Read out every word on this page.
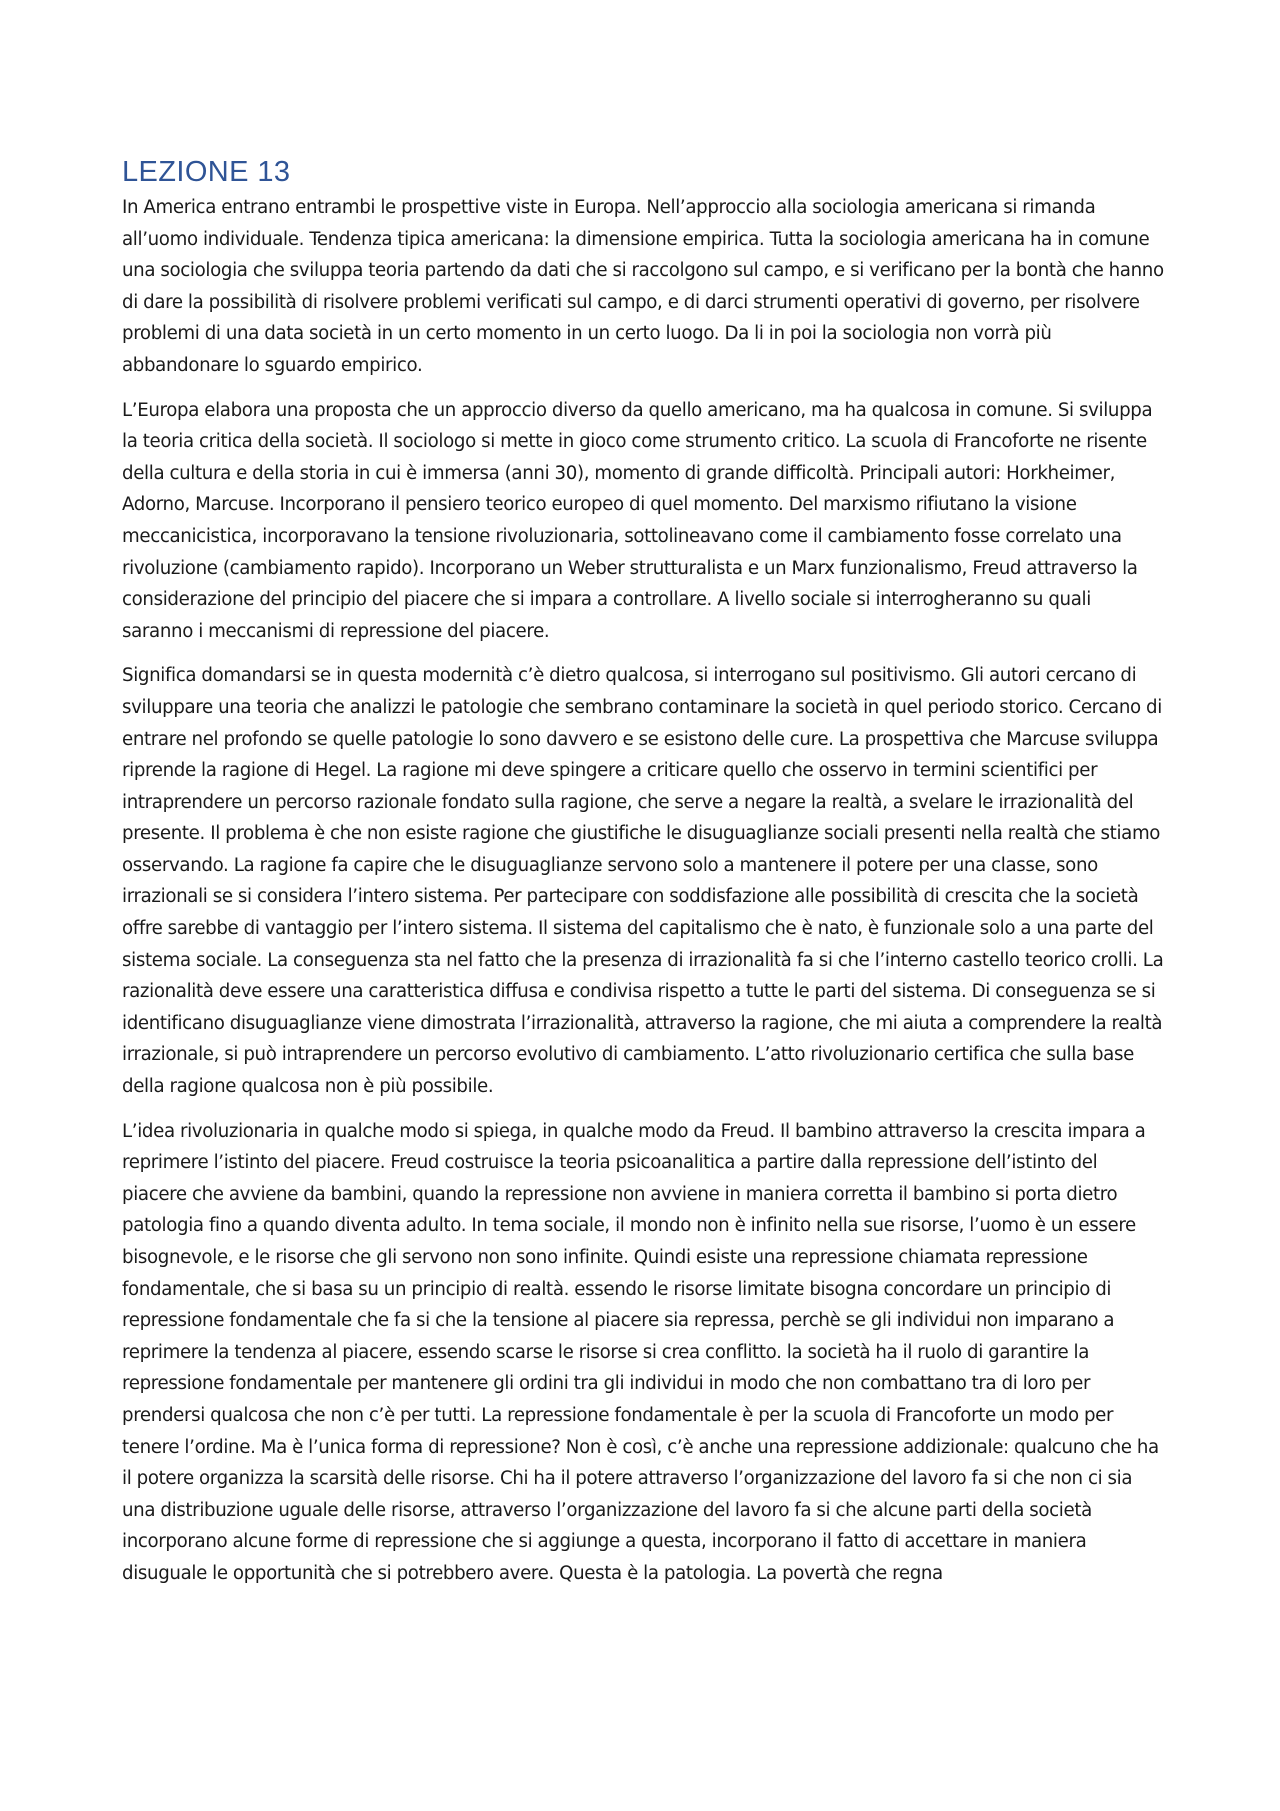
LEZIONE 13

In America entrano entrambi le prospettive viste in Europa. Nell’approccio alla sociologia americana si rimanda all’uomo individuale. Tendenza tipica americana: la dimensione empirica. Tutta la sociologia americana ha in comune una sociologia che sviluppa teoria partendo da dati che si raccolgono sul campo, e si verificano per la bontà che hanno di dare la possibilità di risolvere problemi verificati sul campo, e di darci strumenti operativi di governo, per risolvere problemi di una data società in un certo momento in un certo luogo. Da li in poi la sociologia non vorrà più abbandonare lo sguardo empirico.

L’Europa elabora una proposta che un approccio diverso da quello americano, ma ha qualcosa in comune. Si sviluppa la teoria critica della società. Il sociologo si mette in gioco come strumento critico. La scuola di Francoforte ne risente della cultura e della storia in cui è immersa (anni 30), momento di grande difficoltà. Principali autori: Horkheimer, Adorno, Marcuse. Incorporano il pensiero teorico europeo di quel momento. Del marxismo rifiutano la visione meccanicistica, incorporavano la tensione rivoluzionaria, sottolineavano come il cambiamento fosse correlato una rivoluzione (cambiamento rapido). Incorporano un Weber strutturalista e un Marx funzionalismo, Freud attraverso la considerazione del principio del piacere che si impara a controllare. A livello sociale si interrogheranno su quali saranno i meccanismi di repressione del piacere.

Significa domandarsi se in questa modernità c’è dietro qualcosa, si interrogano sul positivismo. Gli autori cercano di sviluppare una teoria che analizzi le patologie che sembrano contaminare la società in quel periodo storico. Cercano di entrare nel profondo se quelle patologie lo sono davvero e se esistono delle cure. La prospettiva che Marcuse sviluppa riprende la ragione di Hegel. La ragione mi deve spingere a criticare quello che osservo in termini scientifici per intraprendere un percorso razionale fondato sulla ragione, che serve a negare la realtà, a svelare le irrazionalità del presente. Il problema è che non esiste ragione che giustifiche le disuguaglianze sociali presenti nella realtà che stiamo osservando. La ragione fa capire che le disuguaglianze servono solo a mantenere il potere per una classe, sono irrazionali se si considera l’intero sistema. Per partecipare con soddisfazione alle possibilità di crescita che la società offre sarebbe di vantaggio per l’intero sistema. Il sistema del capitalismo che è nato, è funzionale solo a una parte del sistema sociale. La conseguenza sta nel fatto che la presenza di irrazionalità fa si che l’interno castello teorico crolli. La razionalità deve essere una caratteristica diffusa e condivisa rispetto a tutte le parti del sistema. Di conseguenza se si identificano disuguaglianze viene dimostrata l’irrazionalità, attraverso la ragione, che mi aiuta a comprendere la realtà irrazionale, si può intraprendere un percorso evolutivo di cambiamento. L’atto rivoluzionario certifica che sulla base della ragione qualcosa non è più possibile.

L’idea rivoluzionaria in qualche modo si spiega, in qualche modo da Freud. Il bambino attraverso la crescita impara a reprimere l’istinto del piacere. Freud costruisce la teoria psicoanalitica a partire dalla repressione dell’istinto del piacere che avviene da bambini, quando la repressione non avviene in maniera corretta il bambino si porta dietro patologia fino a quando diventa adulto. In tema sociale, il mondo non è infinito nella sue risorse, l’uomo è un essere bisognevole, e le risorse che gli servono non sono infinite. Quindi esiste una repressione chiamata repressione fondamentale, che si basa su un principio di realtà. essendo le risorse limitate bisogna concordare un principio di repressione fondamentale che fa si che la tensione al piacere sia repressa, perchè se gli individui non imparano a reprimere la tendenza al piacere, essendo scarse le risorse si crea conflitto. la società ha il ruolo di garantire la repressione fondamentale per mantenere gli ordini tra gli individui in modo che non combattano tra di loro per prendersi qualcosa che non c’è per tutti. La repressione fondamentale è per la scuola di Francoforte un modo per tenere l’ordine. Ma è l’unica forma di repressione? Non è così, c’è anche una repressione addizionale: qualcuno che ha il potere organizza la scarsità delle risorse. Chi ha il potere attraverso l’organizzazione del lavoro fa si che non ci sia una distribuzione uguale delle risorse, attraverso l’organizzazione del lavoro fa si che alcune parti della società incorporano alcune forme di repressione che si aggiunge a questa, incorporano il fatto di accettare in maniera disuguale le opportunità che si potrebbero avere. Questa è la patologia. La povertà che regna
